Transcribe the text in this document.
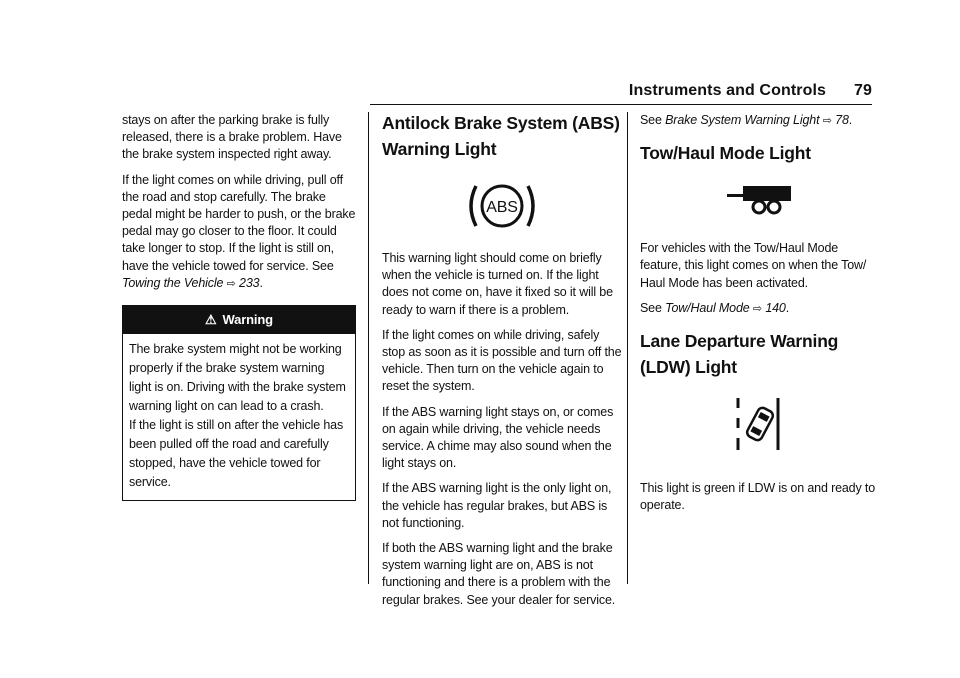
Instruments and Controls 79

stays on after the parking brake is fully released, there is a brake problem. Have the brake system inspected right away.

If the light comes on while driving, pull off the road and stop carefully. The brake pedal might be harder to push, or the brake pedal may go closer to the floor. It could take longer to stop. If the light is still on, have the vehicle towed for service. See Towing the Vehicle ⇨ 233.

⚠ Warning

The brake system might not be working properly if the brake system warning light is on. Driving with the brake system warning light on can lead to a crash.

If the light is still on after the vehicle has been pulled off the road and carefully stopped, have the vehicle towed for service.

Antilock Brake System (ABS) Warning Light
ABS

This warning light should come on briefly when the vehicle is turned on. If the light does not come on, have it fixed so it will be ready to warn if there is a problem.

If the light comes on while driving, safely stop as soon as it is possible and turn off the vehicle. Then turn on the vehicle again to reset the system.

If the ABS warning light stays on, or comes on again while driving, the vehicle needs service. A chime may also sound when the light stays on.

If the ABS warning light is the only light on, the vehicle has regular brakes, but ABS is not functioning.

If both the ABS warning light and the brake system warning light are on, ABS is not functioning and there is a problem with the regular brakes. See your dealer for service.

See Brake System Warning Light ⇨ 78.

Tow/Haul Mode Light

For vehicles with the Tow/Haul Mode feature, this light comes on when the Tow/ Haul Mode has been activated.

See Tow/Haul Mode ⇨ 140.

Lane Departure Warning (LDW) Light

This light is green if LDW is on and ready to operate.
